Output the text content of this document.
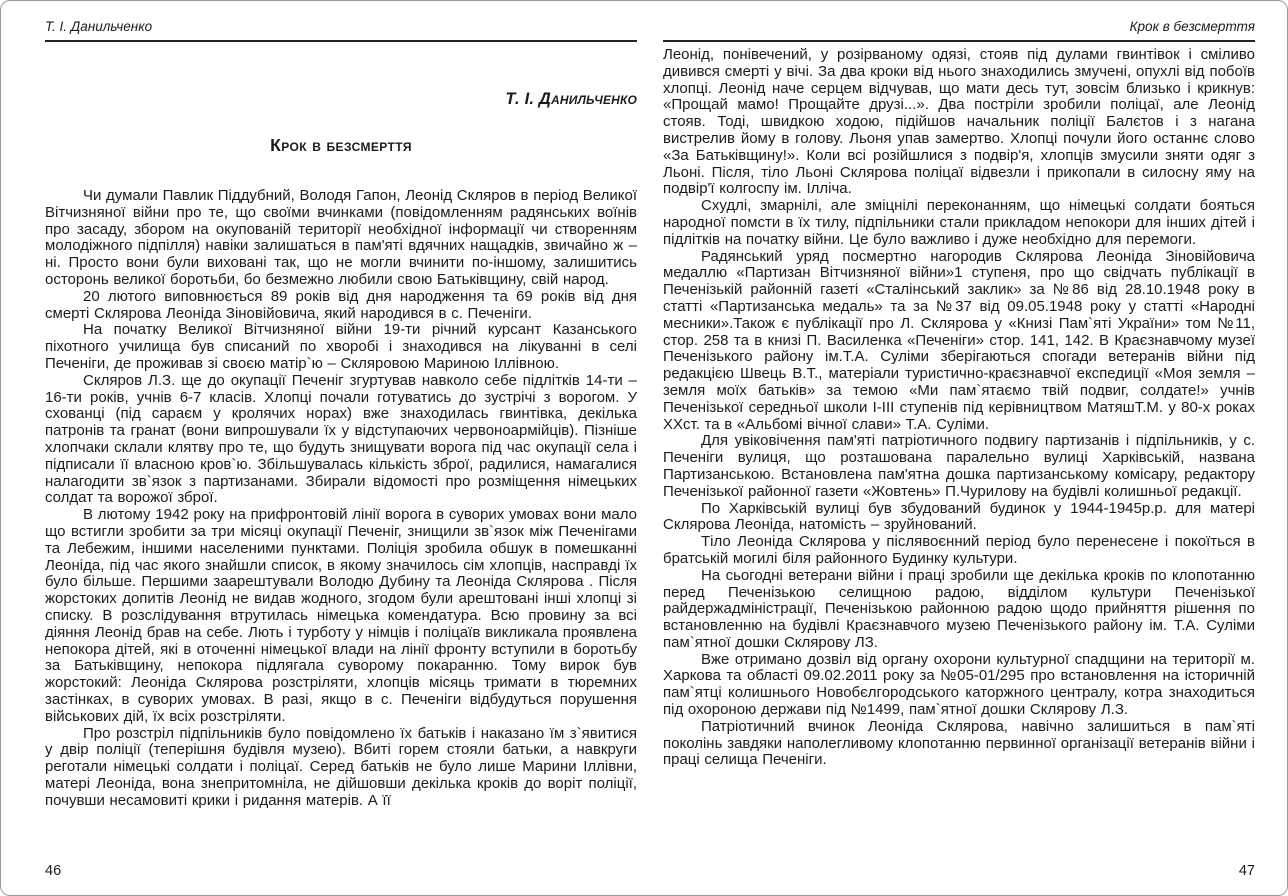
Т. І. Данильченко
Т. І. Данильченко
Крок в безсмерття

Чи думали Павлик Піддубний, Володя Гапон, Леонід Скляров в період Великої Вітчизняної війни про те, що своїми вчинками (повідомленням радянських воїнів про засаду, збором на окупованій території необхідної інформації чи створенням молодіжного підпілля) навіки залишаться в пам'яті вдячних нащадків, звичайно ж – ні. Просто вони були виховані так, що не могли вчинити по-іншому, залишитись осторонь великої боротьби, бо безмежно любили свою Батьківщину, свій народ.

20 лютого виповнюється 89 років від дня народження та 69 років від дня смерті Склярова Леоніда Зіновійовича, який народився в с. Печеніги.

На початку Великої Вітчизняної війни 19-ти річний курсант Казанського піхотного училища був списаний по хворобі і знаходився на лікуванні в селі Печеніги, де проживав зі своєю матір`ю – Скляровою Мариною Іллівною.

Скляров Л.З. ще до окупації Печеніг згуртував навколо себе підлітків 14-ти – 16-ти років, учнів 6-7 класів. Хлопці почали готуватись до зустрічі з ворогом. У схованці (під сараєм у кролячих норах) вже знаходилась гвинтівка, декілька патронів та гранат (вони випрошували їх у відступаючих червоноармійців). Пізніше хлопчаки склали клятву про те, що будуть знищувати ворога під час окупації села і підписали її власною кров`ю. Збільшувалась кількість зброї, радилися, намагалися налагодити зв`язок з партизанами. Збирали відомості про розміщення німецьких солдат та ворожої зброї.

В лютому 1942 року на прифронтовій лінії ворога в суворих умовах вони мало що встигли зробити за три місяці окупації Печеніг, знищили зв`язок між Печенігами та Лебежим, іншими населеними пунктами. Поліція зробила обшук в помешканні Леоніда, під час якого знайшли список, в якому значилось сім хлопців, насправді їх було більше. Першими заарештували Володю Дубину та Леоніда Склярова . Після жорстоких допитів Леонід не видав жодного, згодом були арештовані інші хлопці зі списку. В розслідування втрутилась німецька комендатура. Всю провину за всі діяння Леонід брав на себе. Лють і турботу у німців і поліцаїв викликала проявлена непокора дітей, які в оточенні німецької влади на лінії фронту вступили в боротьбу за Батьківщину, непокора підлягала суворому покаранню. Тому вирок був жорстокий: Леоніда Склярова розстріляти, хлопців місяць тримати в тюремних застінках, в суворих умовах. В разі, якщо в с. Печеніги відбудуться порушення військових дій, їх всіх розстріляти.

Про розстріл підпільників було повідомлено їх батьків і наказано їм з`явитися у двір поліції (теперішня будівля музею). Вбиті горем стояли батьки, а навкруги реготали німецькі солдати і поліцаї. Серед батьків не було лише Марини Іллівни, матері Леоніда, вона знепритомніла, не дійшовши декілька кроків до воріт поліції, почувши несамовиті крики і ридання матерів. А її

Крок в безсмерття

Леонід, понівечений, у розірваному одязі, стояв під дулами гвинтівок і сміливо дивився смерті у вічі. За два кроки від нього знаходились змучені, опухлі від побоїв хлопці. Леонід наче серцем відчував, що мати десь тут, зовсім близько і крикнув: «Прощай мамо! Прощайте друзі...». Два постріли зробили поліцаї, але Леонід стояв. Тоді, швидкою ходою, підійшов начальник поліції Балєтов і з нагана вистрелив йому в голову. Льоня упав замертво. Хлопці почули його останнє слово «За Батьківщину!». Коли всі розійшлися з подвір'я, хлопців змусили зняти одяг з Льоні. Після, тіло Льоні Склярова поліцаї відвезли і прикопали в силосну яму на подвір'ї колгоспу ім. Ілліча.

Схудлі, змарнілі, але зміцнілі переконанням, що німецькі солдати бояться народної помсти в їх тилу, підпільники стали прикладом непокори для інших дітей і підлітків на початку війни. Це було важливо і дуже необхідно для перемоги.

Радянський уряд посмертно нагородив Склярова Леоніда Зіновійовича медаллю «Партизан Вітчизняної війни»1 ступеня, про що свідчать публікації в Печенізькій районній газеті «Сталінський заклик» за №86 від 28.10.1948 року в статті «Партизанська медаль» та за №37 від 09.05.1948 року у статті «Народні месники».Також є публікації про Л. Склярова у «Книзі Пам`яті України» том №11, стор. 258 та в книзі П. Василенка «Печеніги» стор. 141, 142. В Краєзнавчому музеї Печенізького району ім.Т.А. Суліми зберігаються спогади ветеранів війни під редакцією Швець В.Т., матеріали туристично-краєзнавчої експедиції «Моя земля – земля моїх батьків» за темою «Ми пам`ятаємо твій подвиг, солдате!» учнів Печенізької середньої школи I-III ступенів під керівництвом МатяшТ.М. у 80-х роках ХХст. та в «Альбомі вічної слави» Т.А. Суліми.

Для увіковічення пам'яті патріотичного подвигу партизанів і підпільників, у с. Печеніги вулиця, що розташована паралельно вулиці Харківській, названа Партизанською. Встановлена пам'ятна дошка партизанському комісару, редактору Печенізької районної газети «Жовтень» П.Чурилову на будівлі колишньої редакції.

По Харківській вулиці був збудований будинок у 1944-1945р.р. для матері Склярова Леоніда, натомість – зруйнований.

Тіло Леоніда Склярова у післявоєнний період було перенесене і покоїться в братській могилі біля районного Будинку культури.

На сьогодні ветерани війни і праці зробили ще декілька кроків по клопотанню перед Печенізькою селищною радою, відділом культури Печенізької райдержадміністрації, Печенізькою районною радою щодо прийняття рішення по встановленню на будівлі Краєзнавчого музею Печенізького району ім. Т.А. Суліми пам`ятної дошки Склярову ЛЗ.

Вже отримано дозвіл від органу охорони культурної спадщини на території м. Харкова та області 09.02.2011 року за №05-01/295 про встановлення на історичній пам`ятці колишнього Новобєлгородського каторжного централу, котра знаходиться під охороною держави під №1499, пам`ятної дошки Склярову Л.З.

Патріотичний вчинок Леоніда Склярова, навічно залишиться в пам`яті поколінь завдяки наполегливому клопотанню первинної організації ветеранів війни і праці селища Печеніги.

46	47
